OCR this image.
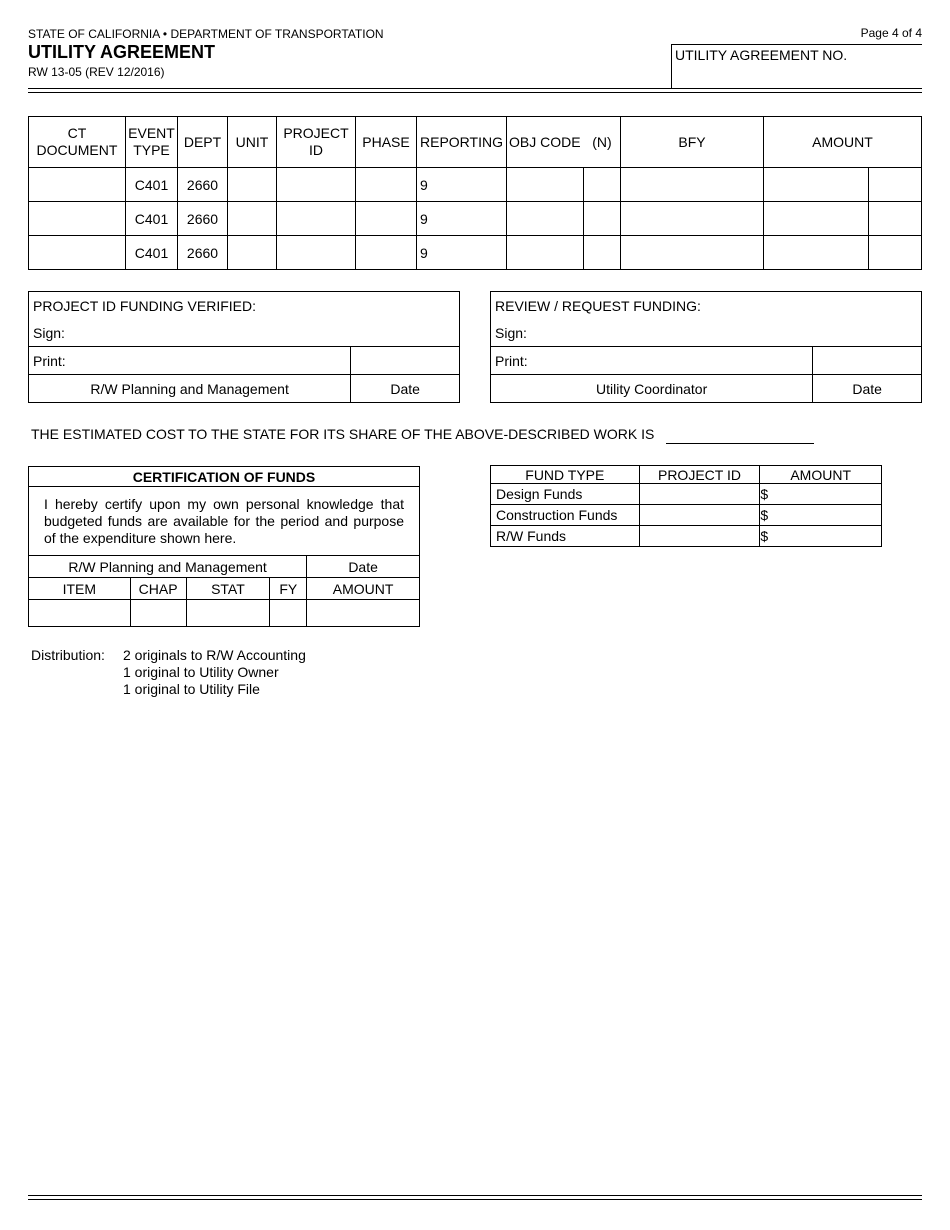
STATE OF CALIFORNIA • DEPARTMENT OF TRANSPORTATION
UTILITY AGREEMENT
RW 13-05 (REV 12/2016)
Page 4 of 4
UTILITY AGREEMENT NO.
CT DOCUMENT	EVENT TYPE	DEPT	UNIT	PROJECT ID	PHASE	REPORTING	OBJ CODE (N)		BFY	AMOUNT	
	C401	2660				9					
	C401	2660				9					
	C401	2660				9					
PROJECT ID FUNDING VERIFIED:	
Sign:	
Print:	
R/W Planning and Management	Date
REVIEW / REQUEST FUNDING:	
Sign:	
Print:	
Utility Coordinator	Date
THE ESTIMATED COST TO THE STATE FOR ITS SHARE OF THE ABOVE-DESCRIBED WORK IS
CERTIFICATION OF FUNDS				
I hereby certify upon my own personal knowledge that budgeted funds are available for the period and purpose of the expenditure shown here.				
R/W Planning and Management				Date
ITEM	CHAP	STAT	FY	AMOUNT

FUND TYPE	PROJECT ID	AMOUNT
Design Funds		$
Construction Funds		$
R/W Funds		$
Distribution: 2 originals to R/W Accounting
1 original to Utility Owner
1 original to Utility File
